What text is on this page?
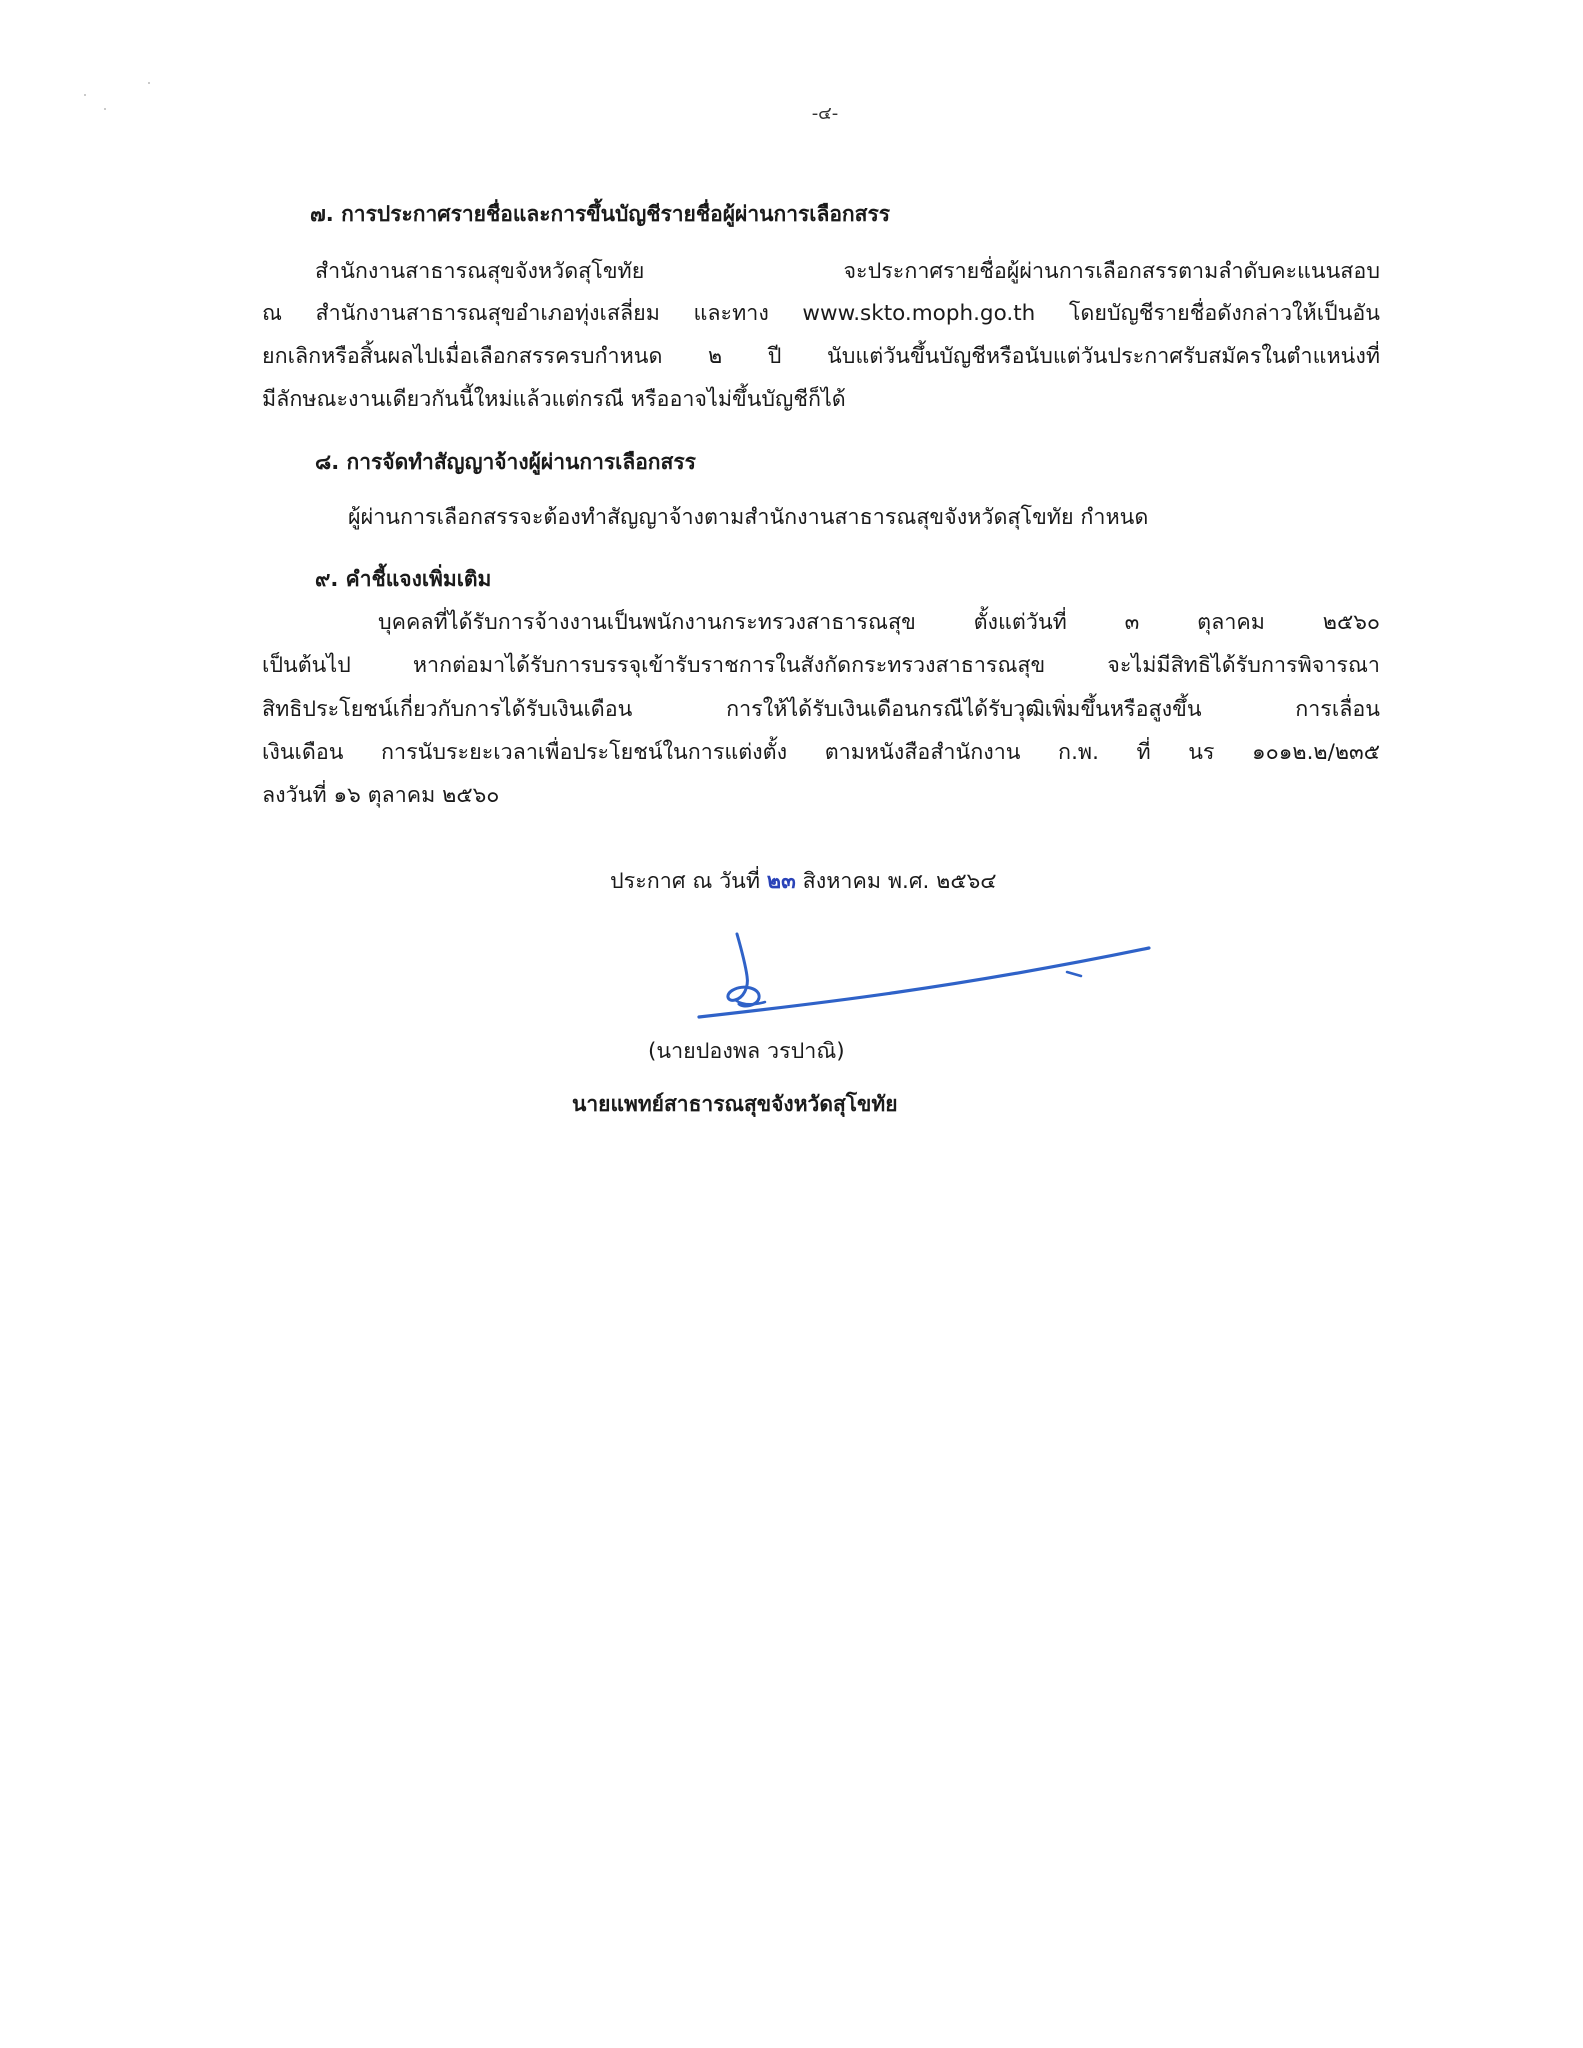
-๔-
๗. การประกาศรายชื่อและการขึ้นบัญชีรายชื่อผู้ผ่านการเลือกสรร
สำนักงานสาธารณสุขจังหวัดสุโขทัย จะประกาศรายชื่อผู้ผ่านการเลือกสรรตามลำดับคะแนนสอบ
ณ สำนักงานสาธารณสุขอำเภอทุ่งเสลี่ยม และทาง www.skto.moph.go.th โดยบัญชีรายชื่อดังกล่าวให้เป็นอัน
ยกเลิกหรือสิ้นผลไปเมื่อเลือกสรรครบกำหนด ๒ ปี นับแต่วันขึ้นบัญชีหรือนับแต่วันประกาศรับสมัครในตำแหน่งที่
มีลักษณะงานเดียวกันนี้ใหม่แล้วแต่กรณี หรืออาจไม่ขึ้นบัญชีก็ได้
๘. การจัดทำสัญญาจ้างผู้ผ่านการเลือกสรร
ผู้ผ่านการเลือกสรรจะต้องทำสัญญาจ้างตามสำนักงานสาธารณสุขจังหวัดสุโขทัย กำหนด
๙. คำชี้แจงเพิ่มเติม
บุคคลที่ได้รับการจ้างงานเป็นพนักงานกระทรวงสาธารณสุข ตั้งแต่วันที่ ๓ ตุลาคม ๒๕๖๐
เป็นต้นไป หากต่อมาได้รับการบรรจุเข้ารับราชการในสังกัดกระทรวงสาธารณสุข จะไม่มีสิทธิได้รับการพิจารณา
สิทธิประโยชน์เกี่ยวกับการได้รับเงินเดือน การให้ได้รับเงินเดือนกรณีได้รับวุฒิเพิ่มขึ้นหรือสูงขึ้น การเลื่อน
เงินเดือน การนับระยะเวลาเพื่อประโยชน์ในการแต่งตั้ง ตามหนังสือสำนักงาน ก.พ. ที่ นร ๑๐๑๒.๒/๒๓๕
ลงวันที่ ๑๖ ตุลาคม ๒๕๖๐
ประกาศ ณ วันที่ ๒๓ สิงหาคม พ.ศ. ๒๕๖๔
(นายปองพล วรปาณิ)
นายแพทย์สาธารณสุขจังหวัดสุโขทัย
